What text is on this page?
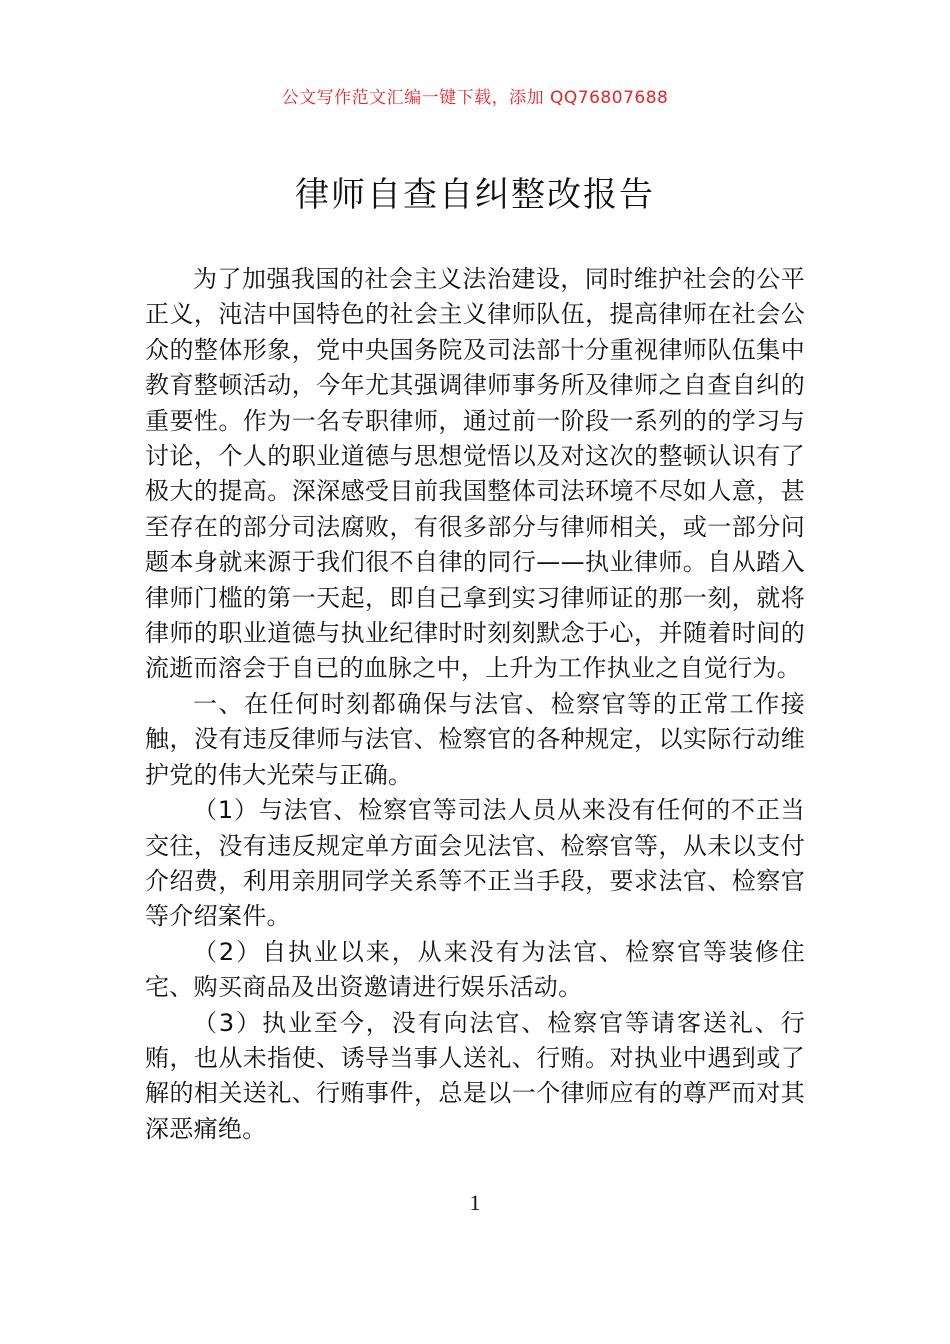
公文写作范文汇编一键下载，添加 QQ76807688
律师自查自纠整改报告

为了加强我国的社会主义法治建设，同时维护社会的公平正义，沌洁中国特色的社会主义律师队伍，提高律师在社会公众的整体形象，党中央国务院及司法部十分重视律师队伍集中教育整顿活动，今年尤其强调律师事务所及律师之自查自纠的重要性。作为一名专职律师，通过前一阶段一系列的的学习与讨论，个人的职业道德与思想觉悟以及对这次的整顿认识有了极大的提高。深深感受目前我国整体司法环境不尽如人意，甚至存在的部分司法腐败，有很多部分与律师相关，或一部分问题本身就来源于我们很不自律的同行——执业律师。自从踏入律师门槛的第一天起，即自己拿到实习律师证的那一刻，就将律师的职业道德与执业纪律时时刻刻默念于心，并随着时间的流逝而溶会于自已的血脉之中，上升为工作执业之自觉行为。

一、在任何时刻都确保与法官、检察官等的正常工作接触，没有违反律师与法官、检察官的各种规定，以实际行动维护党的伟大光荣与正确。

（1）与法官、检察官等司法人员从来没有任何的不正当交往，没有违反规定单方面会见法官、检察官等，从未以支付介绍费，利用亲朋同学关系等不正当手段，要求法官、检察官等介绍案件。

（2）自执业以来，从来没有为法官、检察官等装修住宅、购买商品及出资邀请进行娱乐活动。

（3）执业至今，没有向法官、检察官等请客送礼、行贿，也从未指使、诱导当事人送礼、行贿。对执业中遇到或了解的相关送礼、行贿事件，总是以一个律师应有的尊严而对其深恶痛绝。

1
